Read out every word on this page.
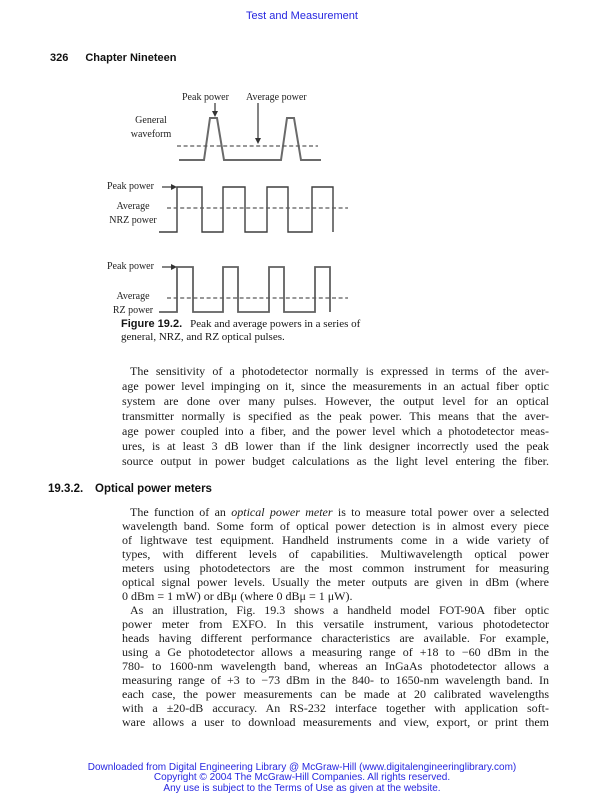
Test and Measurement
326 Chapter Nineteen
Peak power Average power
General
waveform
Peak power
Average
NRZ power
Peak power
Average
RZ power
Figure 19.2. Peak and average powers in a series of
general, NRZ, and RZ optical pulses.
The sensitivity of a photodetector normally is expressed in terms of the aver-
age power level impinging on it, since the measurements in an actual fiber optic
system are done over many pulses. However, the output level for an optical
transmitter normally is specified as the peak power. This means that the aver-
age power coupled into a fiber, and the power level which a photodetector meas-
ures, is at least 3 dB lower than if the link designer incorrectly used the peak
source output in power budget calculations as the light level entering the fiber.
19.3.2.	Optical power meters
The function of an optical power meter is to measure total power over a selected
wavelength band. Some form of optical power detection is in almost every piece
of lightwave test equipment. Handheld instruments come in a wide variety of
types, with different levels of capabilities. Multiwavelength optical power
meters using photodetectors are the most common instrument for measuring
optical signal power levels. Usually the meter outputs are given in dBm (where
0 dBm = 1 mW) or dBμ (where 0 dBμ = 1 μW).
As an illustration, Fig. 19.3 shows a handheld model FOT-90A fiber optic
power meter from EXFO. In this versatile instrument, various photodetector
heads having different performance characteristics are available. For example,
using a Ge photodetector allows a measuring range of +18 to −60 dBm in the
780- to 1600-nm wavelength band, whereas an InGaAs photodetector allows a
measuring range of +3 to −73 dBm in the 840- to 1650-nm wavelength band. In
each case, the power measurements can be made at 20 calibrated wavelengths
with a ±20-dB accuracy. An RS-232 interface together with application soft-
ware allows a user to download measurements and view, export, or print them
Downloaded from Digital Engineering Library @ McGraw-Hill (www.digitalengineeringlibrary.com)
Copyright © 2004 The McGraw-Hill Companies. All rights reserved.
Any use is subject to the Terms of Use as given at the website.
